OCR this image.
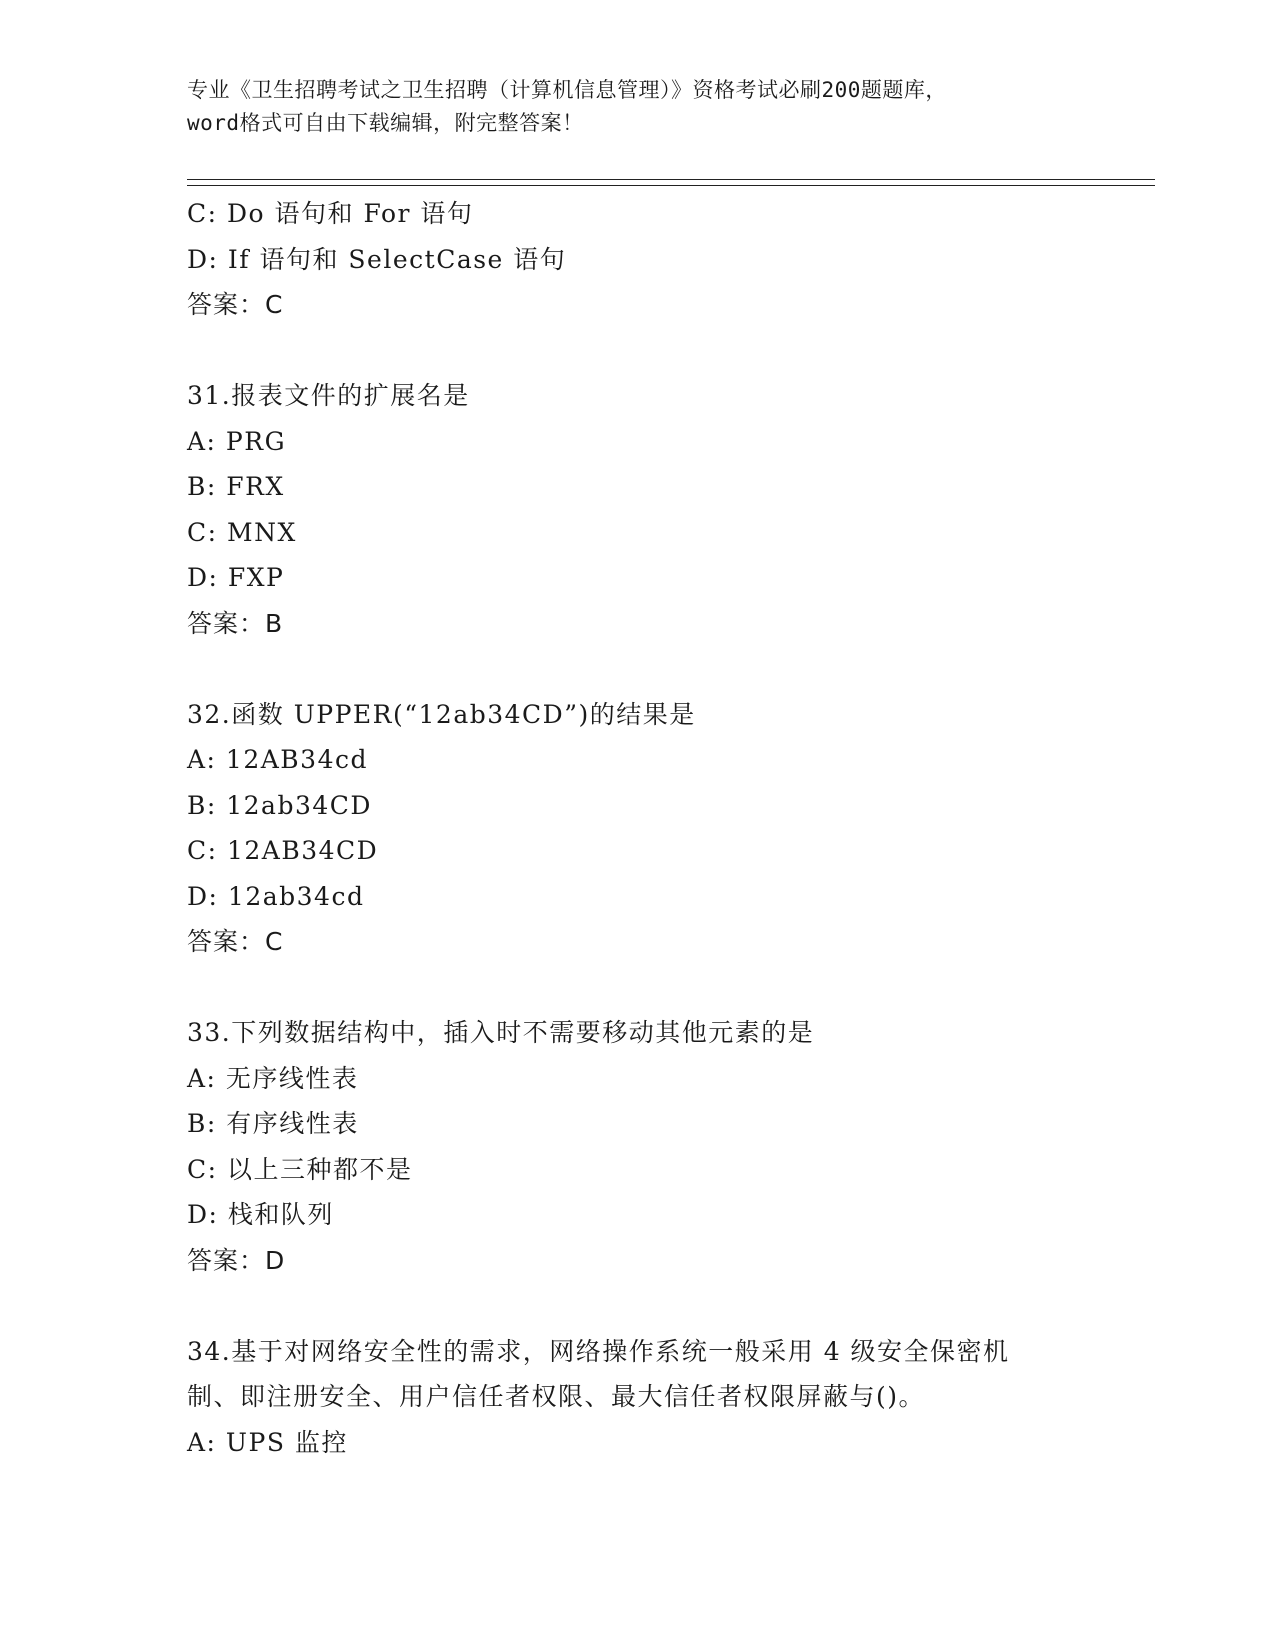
专业《卫生招聘考试之卫生招聘（计算机信息管理）》资格考试必刷200题题库，
word格式可自由下载编辑，附完整答案！
C: Do 语句和 For 语句
D: If 语句和 SelectCase 语句
答案：C
31.报表文件的扩展名是
A: PRG
B: FRX
C: MNX
D: FXP
答案：B
32.函数 UPPER(“12ab34CD”)的结果是
A: 12AB34cd
B: 12ab34CD
C: 12AB34CD
D: 12ab34cd
答案：C
33.下列数据结构中，插入时不需要移动其他元素的是
A: 无序线性表
B: 有序线性表
C: 以上三种都不是
D: 栈和队列
答案：D
34.基于对网络安全性的需求，网络操作系统一般采用 4 级安全保密机
制、即注册安全、用户信任者权限、最大信任者权限屏蔽与()。
A: UPS 监控
